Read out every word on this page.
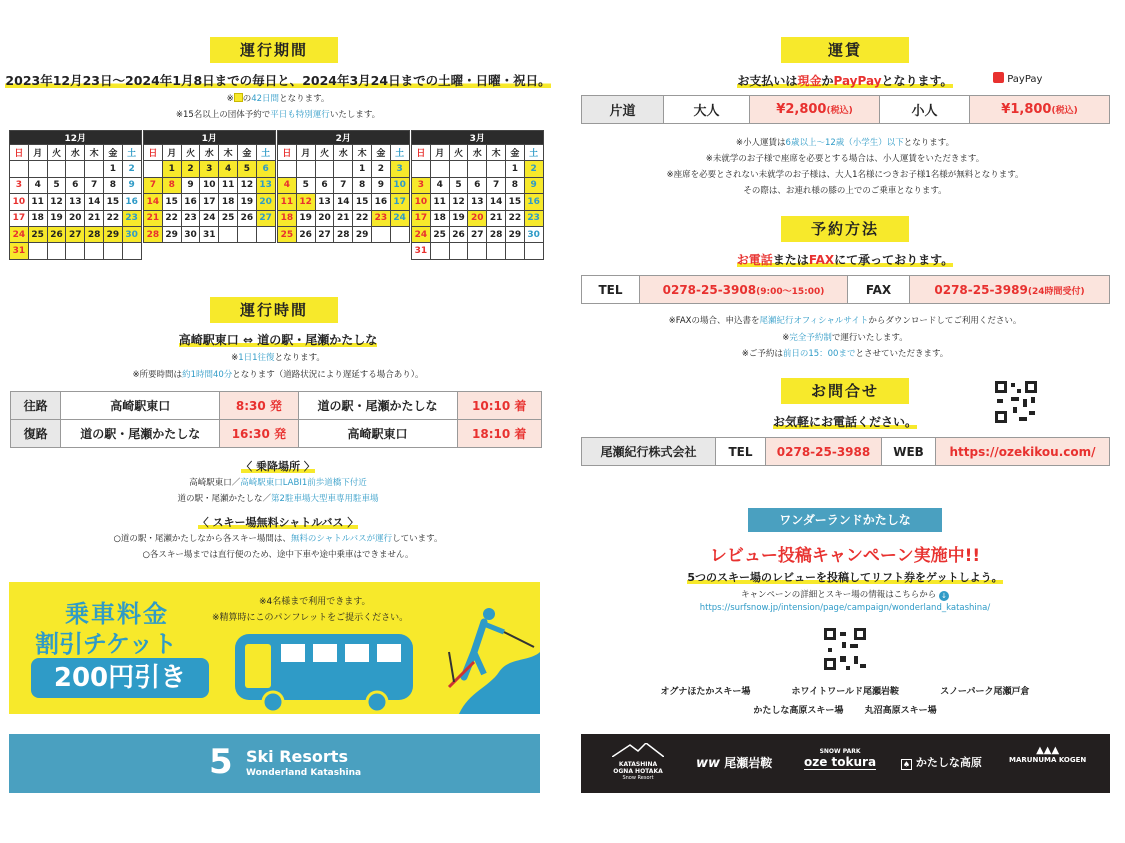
運行期間
2023年12月23日〜2024年1月8日までの毎日と、2024年3月24日までの土曜・日曜・祝日。
※ の42日間となります。
※15名以上の団体予約で平日も特別運行いたします。
12月						
日	月	火	水	木	金	土
					1	2
3	4	5	6	7	8	9
10	11	12	13	14	15	16
17	18	19	20	21	22	23
24	25	26	27	28	29	30
31						
1月						
日	月	火	水	木	金	土
	1	2	3	4	5	6
7	8	9	10	11	12	13
14	15	16	17	18	19	20
21	22	23	24	25	26	27
28	29	30	31			
2月						
日	月	火	水	木	金	土
				1	2	3
4	5	6	7	8	9	10
11	12	13	14	15	16	17
18	19	20	21	22	23	24
25	26	27	28	29		
3月						
日	月	火	水	木	金	土
					1	2
3	4	5	6	7	8	9
10	11	12	13	14	15	16
17	18	19	20	21	22	23
24	25	26	27	28	29	30
31						
運行時間
高崎駅東口 ⇔ 道の駅・尾瀬かたしな
※1日1往復となります。
※所要時間は約1時間40分となります（道路状況により遅延する場合あり）。
往路	高崎駅東口	8:30 発	道の駅・尾瀬かたしな	10:10 着
復路	道の駅・尾瀬かたしな	16:30 発	高崎駅東口	18:10 着
〈 乗降場所 〉
高崎駅東口／高崎駅東口LABI1前歩道橋下付近
道の駅・尾瀬かたしな／第2駐車場大型車専用駐車場
〈 スキー場無料シャトルバス 〉
○道の駅・尾瀬かたしなから各スキー場間は、無料のシャトルバスが運行しています。
○各スキー場までは直行便のため、途中下車や途中乗車はできません。
乗車料金
割引チケット
200円引き
※4名様まで利用できます。
※精算時にこのパンフレットをご提示ください。
5 Ski Resorts
Wonderland Katashina
運賃
お支払いは現金かPayPayとなります。	PayPay
片道	大人	¥2,800(税込)	小人	¥1,800(税込)
※小人運賃は6歳以上〜12歳（小学生）以下となります。
※未就学のお子様で座席を必要とする場合は、小人運賃をいただきます。
※座席を必要とされない未就学のお子様は、大人1名様につきお子様1名様が無料となります。
その際は、お連れ様の膝の上でのご乗車となります。
予約方法
お電話またはFAXにて承っております。
TEL	0278-25-3908(9:00〜15:00)	FAX	0278-25-3989(24時間受付)
※FAXの場合、申込書を尾瀬紀行オフィシャルサイトからダウンロードしてご利用ください。
※完全予約制で運行いたします。
※ご予約は前日の15：00までとさせていただきます。
お問合せ
お気軽にお電話ください。
尾瀬紀行株式会社	TEL	0278-25-3988	WEB	https://ozekikou.com/
ワンダーランドかたしな
レビュー投稿キャンペーン実施中!!
5つのスキー場のレビューを投稿してリフト券をゲットしよう。
キャンペーンの詳細とスキー場の情報はこちらから ↓
https://surfsnow.jp/intension/page/campaign/wonderland_katashina/
オグナほたかスキー場　　	ホワイトワールド尾瀬岩鞍　　	スノーパーク尾瀬戸倉
かたしな高原スキー場　　 丸沼高原スキー場
KATASHINA
OGNA HOTAKA
Snow Resort
ww 尾瀬岩鞍
SNOW PARK
oze tokura	♠ かたしな高原
▲▲▲
MARUNUMA KOGEN
